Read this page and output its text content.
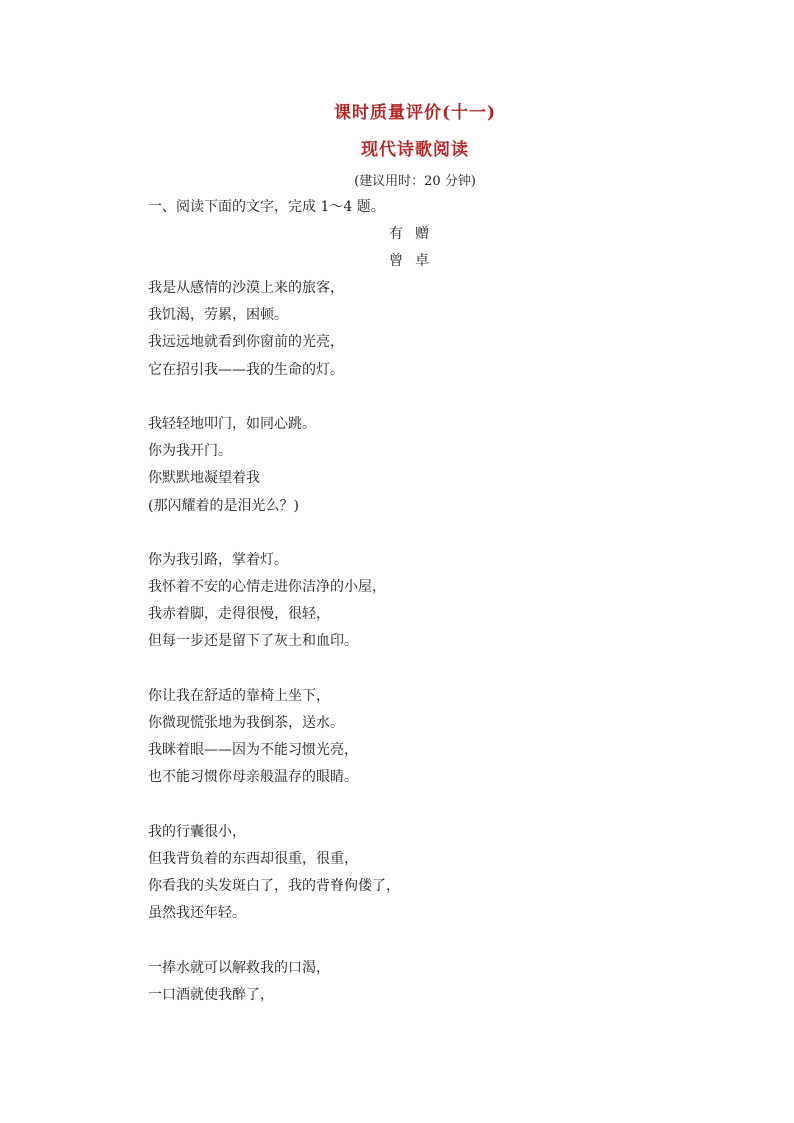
课时质量评价(十一)
现代诗歌阅读
(建议用时：20 分钟)
一、阅读下面的文字，完成 1～4 题。
有赠
曾卓
我是从感情的沙漠上来的旅客，
我饥渴，劳累，困顿。
我远远地就看到你窗前的光亮，
它在招引我——我的生命的灯。
我轻轻地叩门，如同心跳。
你为我开门。
你默默地凝望着我
(那闪耀着的是泪光么？)
你为我引路，掌着灯。
我怀着不安的心情走进你洁净的小屋，
我赤着脚，走得很慢，很轻，
但每一步还是留下了灰土和血印。
你让我在舒适的靠椅上坐下，
你微现慌张地为我倒茶，送水。
我眯着眼——因为不能习惯光亮，
也不能习惯你母亲般温存的眼睛。
我的行囊很小，
但我背负着的东西却很重，很重，
你看我的头发斑白了，我的背脊佝偻了，
虽然我还年轻。
一捧水就可以解救我的口渴，
一口酒就使我醉了，
